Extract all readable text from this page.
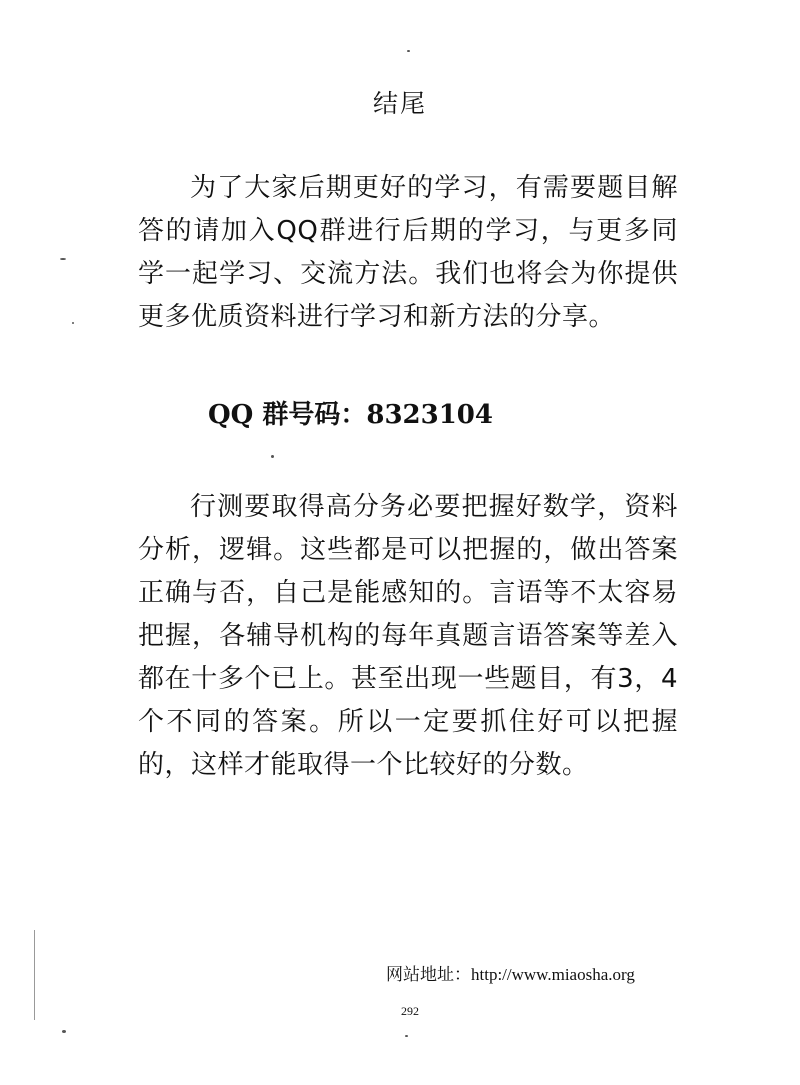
结尾
为了大家后期更好的学习，有需要题目解答的请加入QQ群进行后期的学习，与更多同学一起学习、交流方法。我们也将会为你提供更多优质资料进行学习和新方法的分享。
QQ 群号码：8323104
行测要取得高分务必要把握好数学，资料分析，逻辑。这些都是可以把握的，做出答案正确与否，自己是能感知的。言语等不太容易把握，各辅导机构的每年真题言语答案等差入都在十多个已上。甚至出现一些题目，有3，4个不同的答案。所以一定要抓住好可以把握的，这样才能取得一个比较好的分数。
网站地址：http://www.miaosha.org
292
